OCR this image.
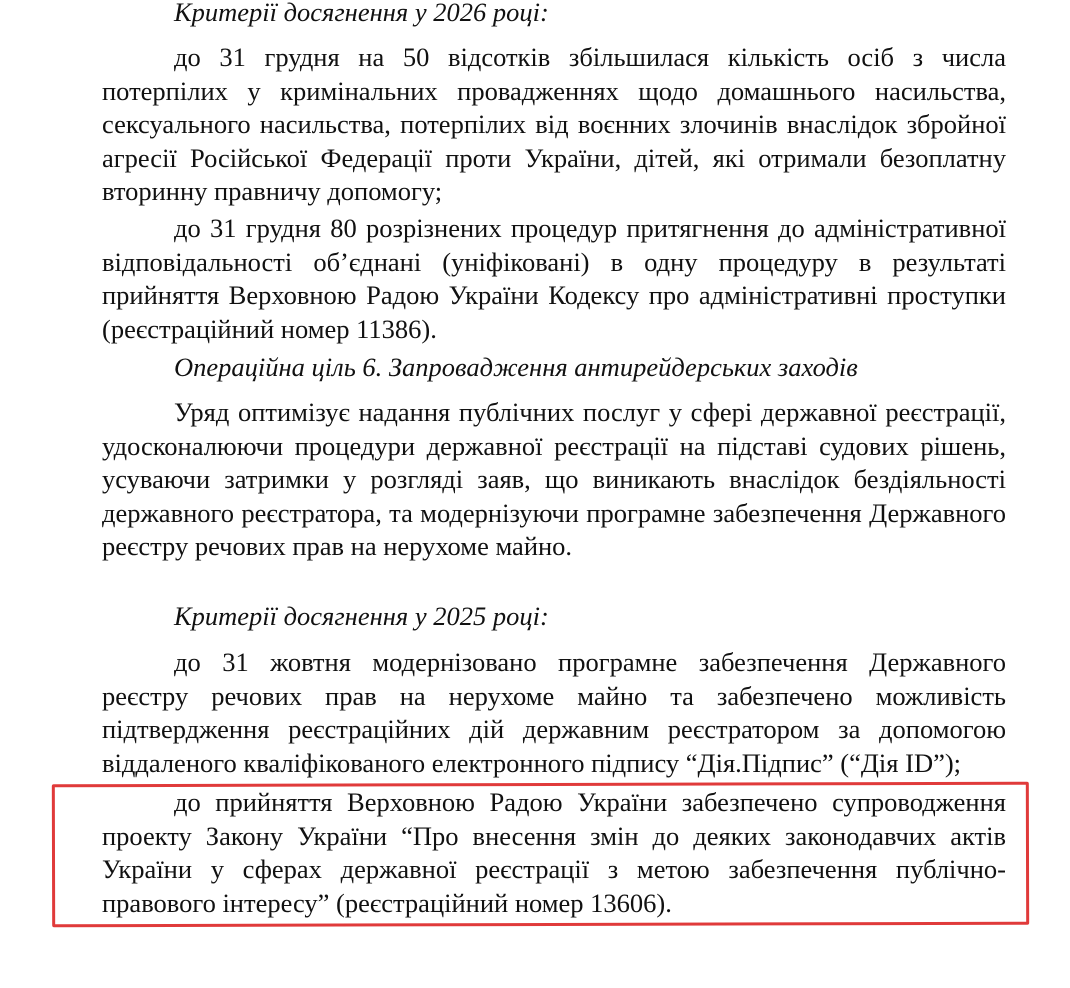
Критерії досягнення у 2026 році:

до 31 грудня на 50 відсотків збільшилася кількість осіб з числа потерпілих у кримінальних провадженнях щодо домашнього насильства, сексуального насильства, потерпілих від воєнних злочинів внаслідок збройної агресії Російської Федерації проти України, дітей, які отримали безоплатну вторинну правничу допомогу;

до 31 грудня 80 розрізнених процедур притягнення до адміністративної відповідальності об’єднані (уніфіковані) в одну процедуру в результаті прийняття Верховною Радою України Кодексу про адміністративні проступки (реєстраційний номер 11386).

Операційна ціль 6. Запровадження антирейдерських заходів

Уряд оптимізує надання публічних послуг у сфері державної реєстрації, удосконалюючи процедури державної реєстрації на підставі судових рішень, усуваючи затримки у розгляді заяв, що виникають внаслідок бездіяльності державного реєстратора, та модернізуючи програмне забезпечення Державного реєстру речових прав на нерухоме майно.

Критерії досягнення у 2025 році:

до 31 жовтня модернізовано програмне забезпечення Державного реєстру речових прав на нерухоме майно та забезпечено можливість підтвердження реєстраційних дій державним реєстратором за допомогою віддаленого кваліфікованого електронного підпису “Дія.Підпис” (“Дія ID”);

до прийняття Верховною Радою України забезпечено супроводження проекту Закону України “Про внесення змін до деяких законодавчих актів України у сферах державної реєстрації з метою забезпечення публічно-правового інтересу” (реєстраційний номер 13606).
